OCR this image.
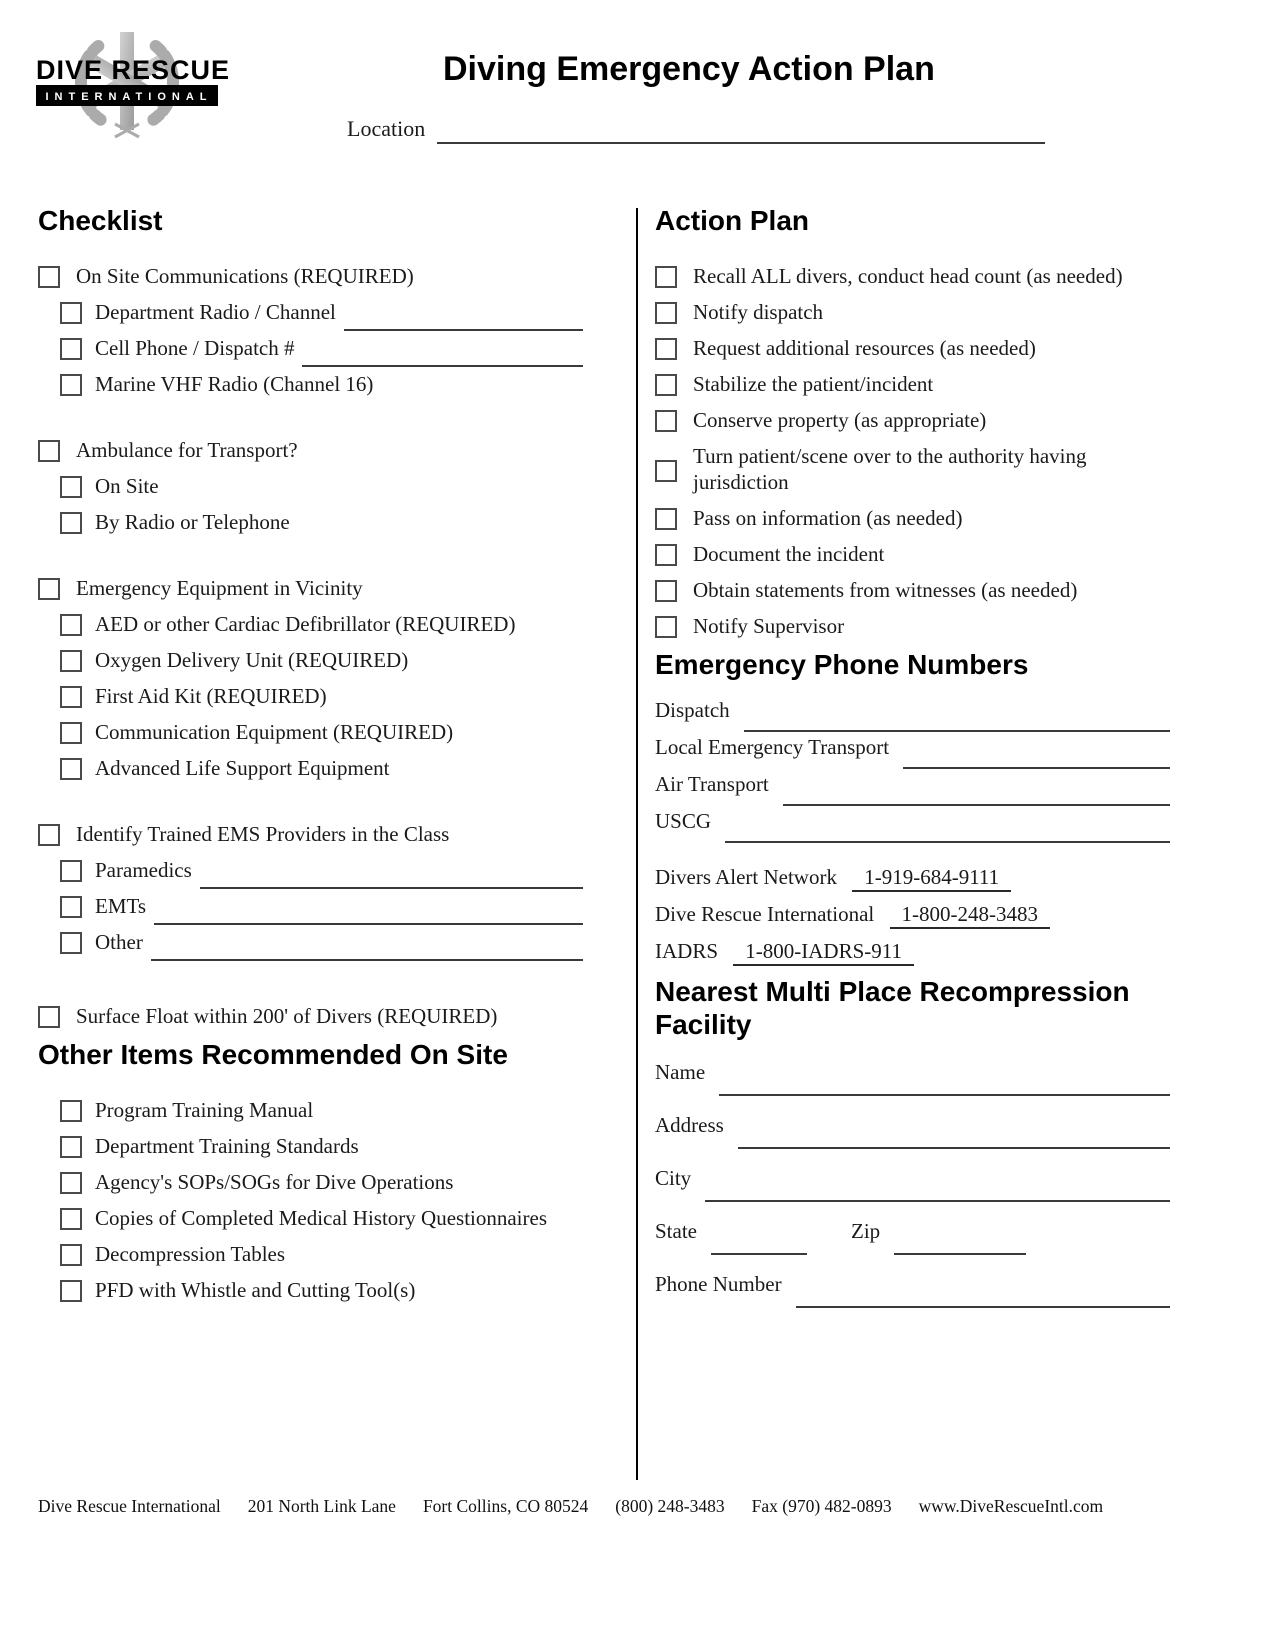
DIVE RESCUE
INTERNATIONAL
Diving Emergency Action Plan
Location
Checklist
On Site Communications (REQUIRED)
Department Radio / Channel
Cell Phone / Dispatch #
Marine VHF Radio (Channel 16)
Ambulance for Transport?
On Site
By Radio or Telephone
Emergency Equipment in Vicinity
AED or other Cardiac Defibrillator (REQUIRED)
Oxygen Delivery Unit (REQUIRED)
First Aid Kit (REQUIRED)
Communication Equipment (REQUIRED)
Advanced Life Support Equipment
Identify Trained EMS Providers in the Class
Paramedics
EMTs
Other
Surface Float within 200' of Divers (REQUIRED)
Other Items Recommended On Site
Program Training Manual
Department Training Standards
Agency's SOPs/SOGs for Dive Operations
Copies of Completed Medical History Questionnaires
Decompression Tables
PFD with Whistle and Cutting Tool(s)
Action Plan
Recall ALL divers, conduct head count (as needed)
Notify dispatch
Request additional resources (as needed)
Stabilize the patient/incident
Conserve property (as appropriate)
Turn patient/scene over to the authority having jurisdiction
Pass on information (as needed)
Document the incident
Obtain statements from witnesses (as needed)
Notify Supervisor
Emergency Phone Numbers
Dispatch
Local Emergency Transport
Air Transport
USCG
Divers Alert Network 1-919-684-9111
Dive Rescue International 1-800-248-3483
IADRS 1-800-IADRS-911
Nearest Multi Place Recompression Facility
Name
Address
City
State	Zip
Phone Number
Dive Rescue International 201 North Link Lane Fort Collins, CO 80524 (800) 248-3483 Fax (970) 482-0893 www.DiveRescueIntl.com
